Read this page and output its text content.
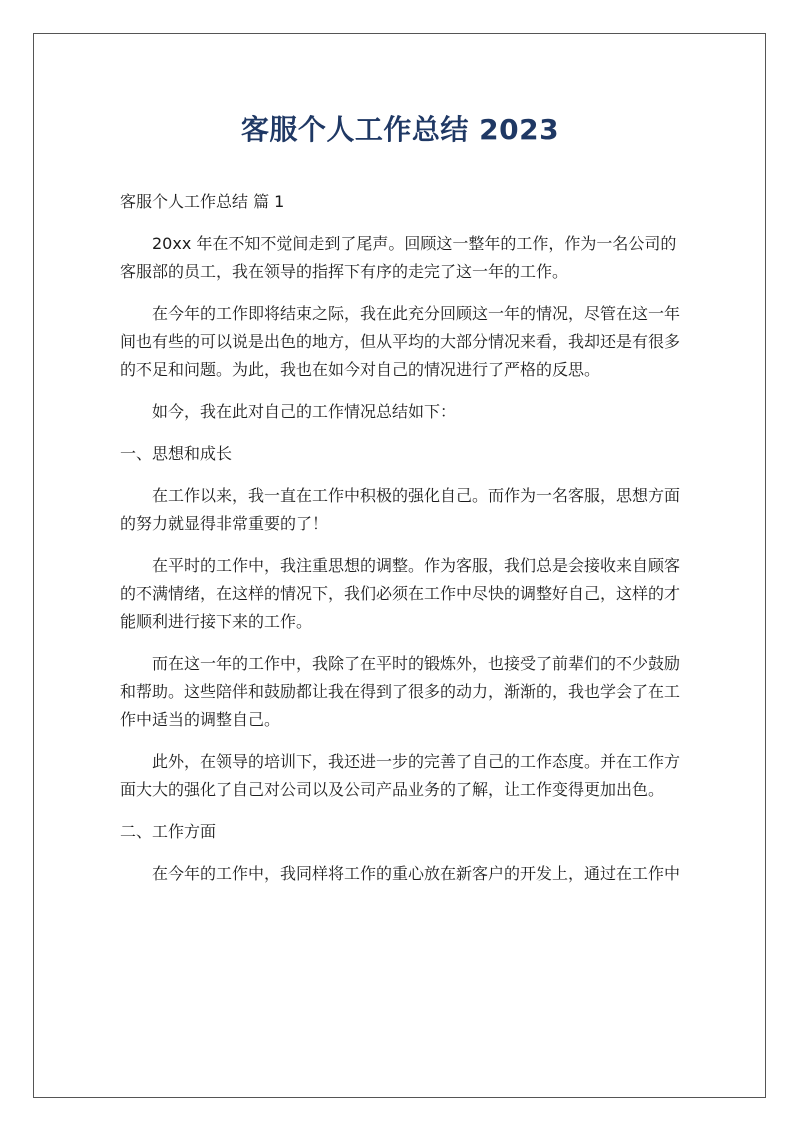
客服个人工作总结 2023
客服个人工作总结 篇 1
20xx 年在不知不觉间走到了尾声。回顾这一整年的工作，作为一名公司的
客服部的员工，我在领导的指挥下有序的走完了这一年的工作。
在今年的工作即将结束之际，我在此充分回顾这一年的情况，尽管在这一年
间也有些的可以说是出色的地方，但从平均的大部分情况来看，我却还是有很多
的不足和问题。为此，我也在如今对自己的情况进行了严格的反思。
如今，我在此对自己的工作情况总结如下：
一、思想和成长
在工作以来，我一直在工作中积极的强化自己。而作为一名客服，思想方面
的努力就显得非常重要的了！
在平时的工作中，我注重思想的调整。作为客服，我们总是会接收来自顾客
的不满情绪，在这样的情况下，我们必须在工作中尽快的调整好自己，这样的才
能顺利进行接下来的工作。
而在这一年的工作中，我除了在平时的锻炼外，也接受了前辈们的不少鼓励
和帮助。这些陪伴和鼓励都让我在得到了很多的动力，渐渐的，我也学会了在工
作中适当的调整自己。
此外，在领导的培训下，我还进一步的完善了自己的工作态度。并在工作方
面大大的强化了自己对公司以及公司产品业务的了解，让工作变得更加出色。
二、工作方面
在今年的工作中，我同样将工作的重心放在新客户的开发上，通过在工作中
